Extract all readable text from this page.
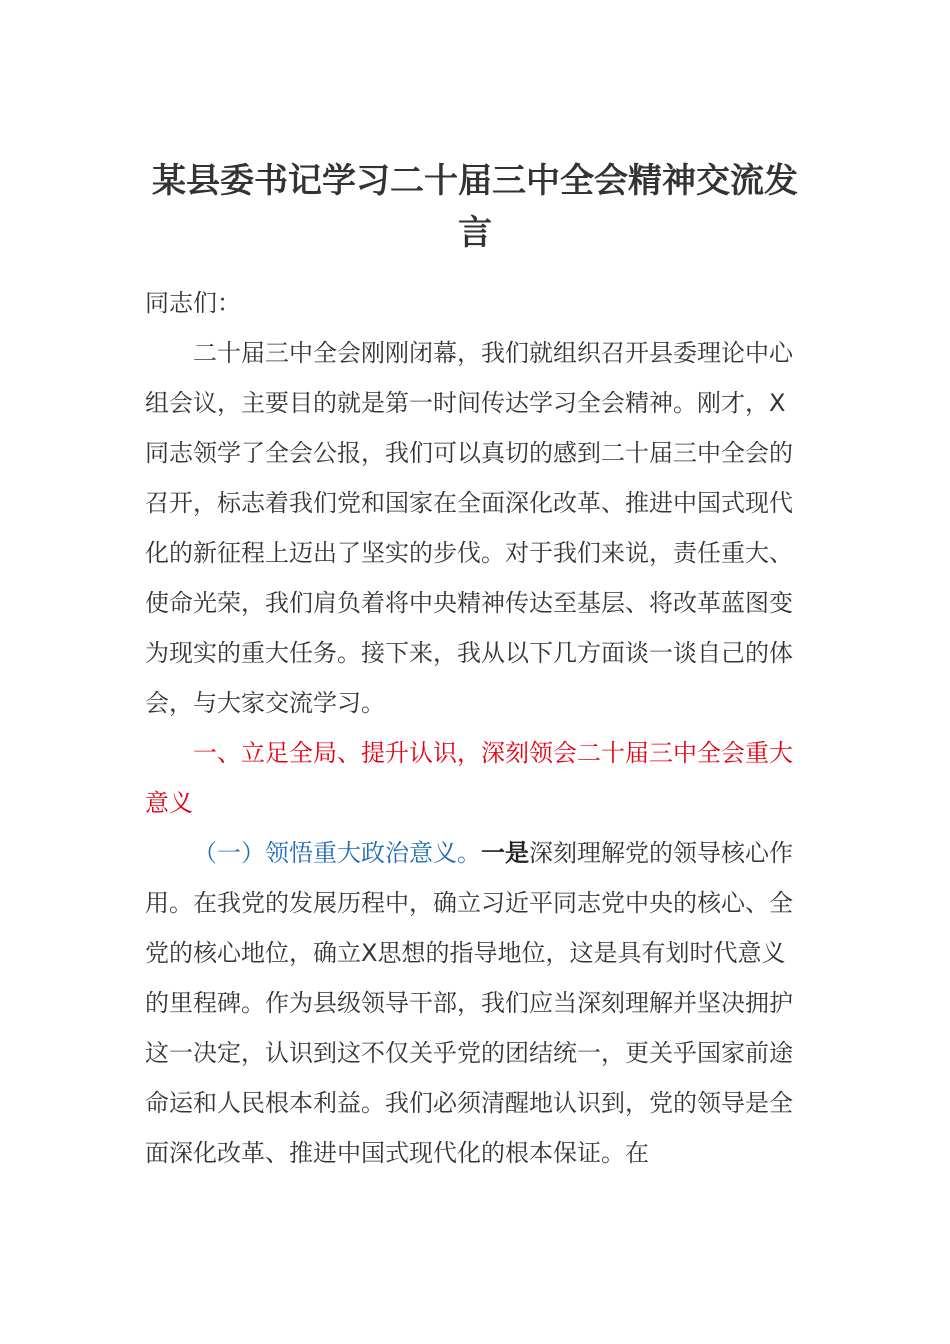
某县委书记学习二十届三中全会精神交流发言

同志们：

二十届三中全会刚刚闭幕，我们就组织召开县委理论中心组会议，主要目的就是第一时间传达学习全会精神。刚才，X同志领学了全会公报，我们可以真切的感到二十届三中全会的召开，标志着我们党和国家在全面深化改革、推进中国式现代化的新征程上迈出了坚实的步伐。对于我们来说，责任重大、使命光荣，我们肩负着将中央精神传达至基层、将改革蓝图变为现实的重大任务。接下来，我从以下几方面谈一谈自己的体会，与大家交流学习。

一、立足全局、提升认识，深刻领会二十届三中全会重大意义

（一）领悟重大政治意义。一是深刻理解党的领导核心作用。在我党的发展历程中，确立习近平同志党中央的核心、全党的核心地位，确立X思想的指导地位，这是具有划时代意义的里程碑。作为县级领导干部，我们应当深刻理解并坚决拥护这一决定，认识到这不仅关乎党的团结统一，更关乎国家前途命运和人民根本利益。我们必须清醒地认识到，党的领导是全面深化改革、推进中国式现代化的根本保证。在
